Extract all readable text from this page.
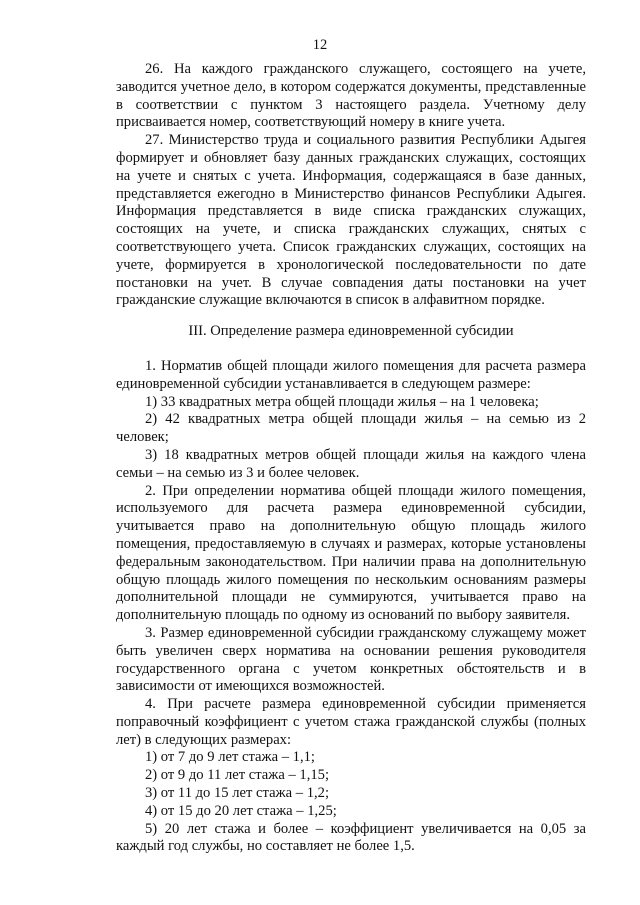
12

26. На каждого гражданского служащего, состоящего на учете, заводится учетное дело, в котором содержатся документы, представленные в соответствии с пунктом 3 настоящего раздела. Учетному делу присваивается номер, соответствующий номеру в книге учета.

27. Министерство труда и социального развития Республики Адыгея формирует и обновляет базу данных гражданских служащих, состоящих на учете и снятых с учета. Информация, содержащаяся в базе данных, представляется ежегодно в Министерство финансов Республики Адыгея. Информация представляется в виде списка гражданских служащих, состоящих на учете, и списка гражданских служащих, снятых с соответствующего учета. Список гражданских служащих, состоящих на учете, формируется в хронологической последовательности по дате постановки на учет. В случае совпадения даты постановки на учет гражданские служащие включаются в список в алфавитном порядке.

III. Определение размера единовременной субсидии

1. Норматив общей площади жилого помещения для расчета размера единовременной субсидии устанавливается в следующем размере:

1) 33 квадратных метра общей площади жилья – на 1 человека;

2) 42 квадратных метра общей площади жилья – на семью из 2 человек;

3) 18 квадратных метров общей площади жилья на каждого члена семьи – на семью из 3 и более человек.

2. При определении норматива общей площади жилого помещения, используемого для расчета размера единовременной субсидии, учитывается право на дополнительную общую площадь жилого помещения, предоставляемую в случаях и размерах, которые установлены федеральным законодательством. При наличии права на дополнительную общую площадь жилого помещения по нескольким основаниям размеры дополнительной площади не суммируются, учитывается право на дополнительную площадь по одному из оснований по выбору заявителя.

3. Размер единовременной субсидии гражданскому служащему может быть увеличен сверх норматива на основании решения руководителя государственного органа с учетом конкретных обстоятельств и в зависимости от имеющихся возможностей.

4. При расчете размера единовременной субсидии применяется поправочный коэффициент с учетом стажа гражданской службы (полных лет) в следующих размерах:

1) от 7 до 9 лет стажа – 1,1;

2) от 9 до 11 лет стажа – 1,15;

3) от 11 до 15 лет стажа – 1,2;

4) от 15 до 20 лет стажа – 1,25;

5) 20 лет стажа и более – коэффициент увеличивается на 0,05 за каждый год службы, но составляет не более 1,5.
